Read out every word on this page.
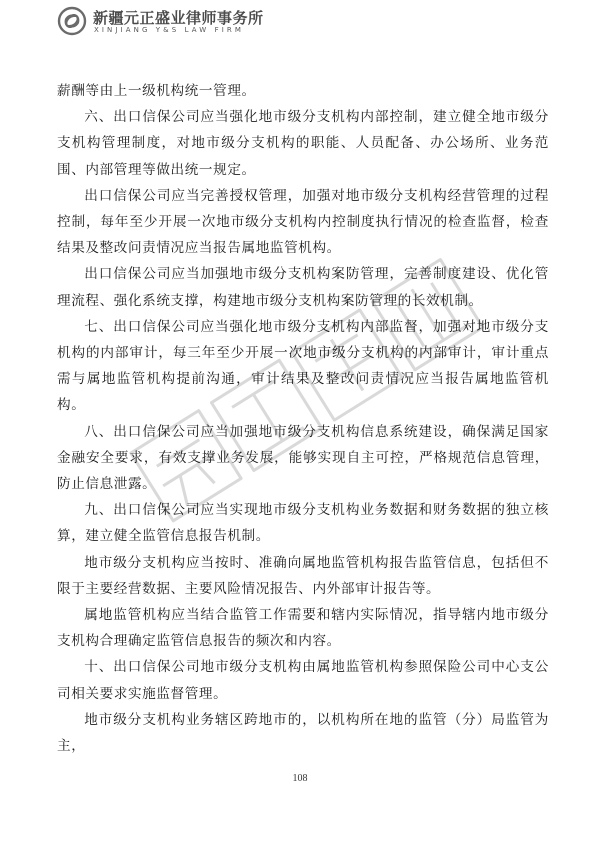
新疆元正盛业律师事务所
XINJIANG Y&S LAW FIRM

薪酬等由上一级机构统一管理。

六、出口信保公司应当强化地市级分支机构内部控制，建立健全地市级分支机构管理制度，对地市级分支机构的职能、人员配备、办公场所、业务范围、内部管理等做出统一规定。

出口信保公司应当完善授权管理，加强对地市级分支机构经营管理的过程控制，每年至少开展一次地市级分支机构内控制度执行情况的检查监督，检查结果及整改问责情况应当报告属地监管机构。

出口信保公司应当加强地市级分支机构案防管理，完善制度建设、优化管理流程、强化系统支撑，构建地市级分支机构案防管理的长效机制。

七、出口信保公司应当强化地市级分支机构内部监督，加强对地市级分支机构的内部审计，每三年至少开展一次地市级分支机构的内部审计，审计重点需与属地监管机构提前沟通，审计结果及整改问责情况应当报告属地监管机构。

八、出口信保公司应当加强地市级分支机构信息系统建设，确保满足国家金融安全要求，有效支撑业务发展，能够实现自主可控，严格规范信息管理，防止信息泄露。

九、出口信保公司应当实现地市级分支机构业务数据和财务数据的独立核算，建立健全监管信息报告机制。

地市级分支机构应当按时、准确向属地监管机构报告监管信息，包括但不限于主要经营数据、主要风险情况报告、内外部审计报告等。

属地监管机构应当结合监管工作需要和辖内实际情况，指导辖内地市级分支机构合理确定监管信息报告的频次和内容。

十、出口信保公司地市级分支机构由属地监管机构参照保险公司中心支公司相关要求实施监督管理。

地市级分支机构业务辖区跨地市的，以机构所在地的监管（分）局监管为主，

108
